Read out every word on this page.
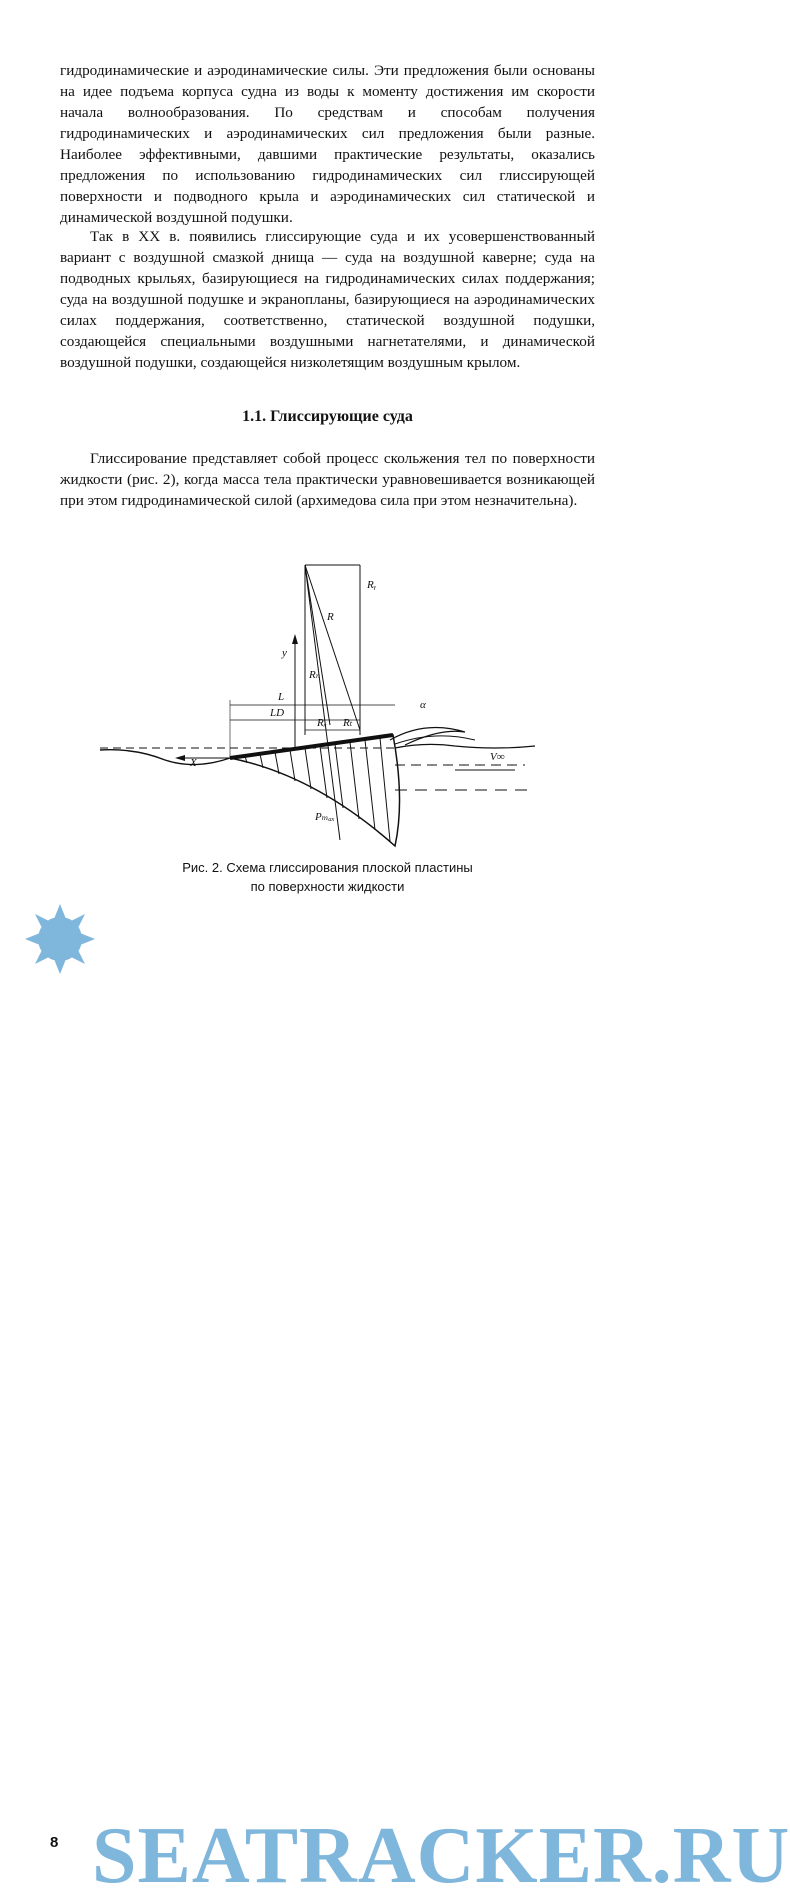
гидродинамические и аэродинамические силы. Эти предложения были основаны на идее подъема корпуса судна из воды к моменту достижения им скорости начала волнообразования. По средствам и способам получения гидродинамических и аэродинамических сил предложения были разные. Наиболее эффективными, давшими практические результаты, оказались предложения по использованию гидродинамических сил глиссирующей поверхности и подводного крыла и аэродинамических сил статической и динамической воздушной подушки.

Так в XX в. появились глиссирующие суда и их усовершенствованный вариант с воздушной смазкой днища — суда на воздушной каверне; суда на подводных крыльях, базирующиеся на гидродинамических силах поддержания; суда на воздушной подушке и экранопланы, базирующиеся на аэродинамических силах поддержания, соответственно, статической воздушной подушки, создающейся специальными воздушными нагнетателями, и динамической воздушной подушки, создающейся низколетящим воздушным крылом.

1.1. Глиссирующие суда

Глиссирование представляет собой процесс скольжения тел по поверхности жидкости (рис. 2), когда масса тела практически уравновешивается возникающей при этом гидродинамической силой (архимедова сила при этом незначительна).

Rᵧ
R
Rₙ
y
L
LD
Rₓ Rₜ
α
X	V∞
Pₘₐₓ
Рис. 2. Схема глиссирования плоской пластины
по поверхности жидкости
8 SEATRACKER.RU
